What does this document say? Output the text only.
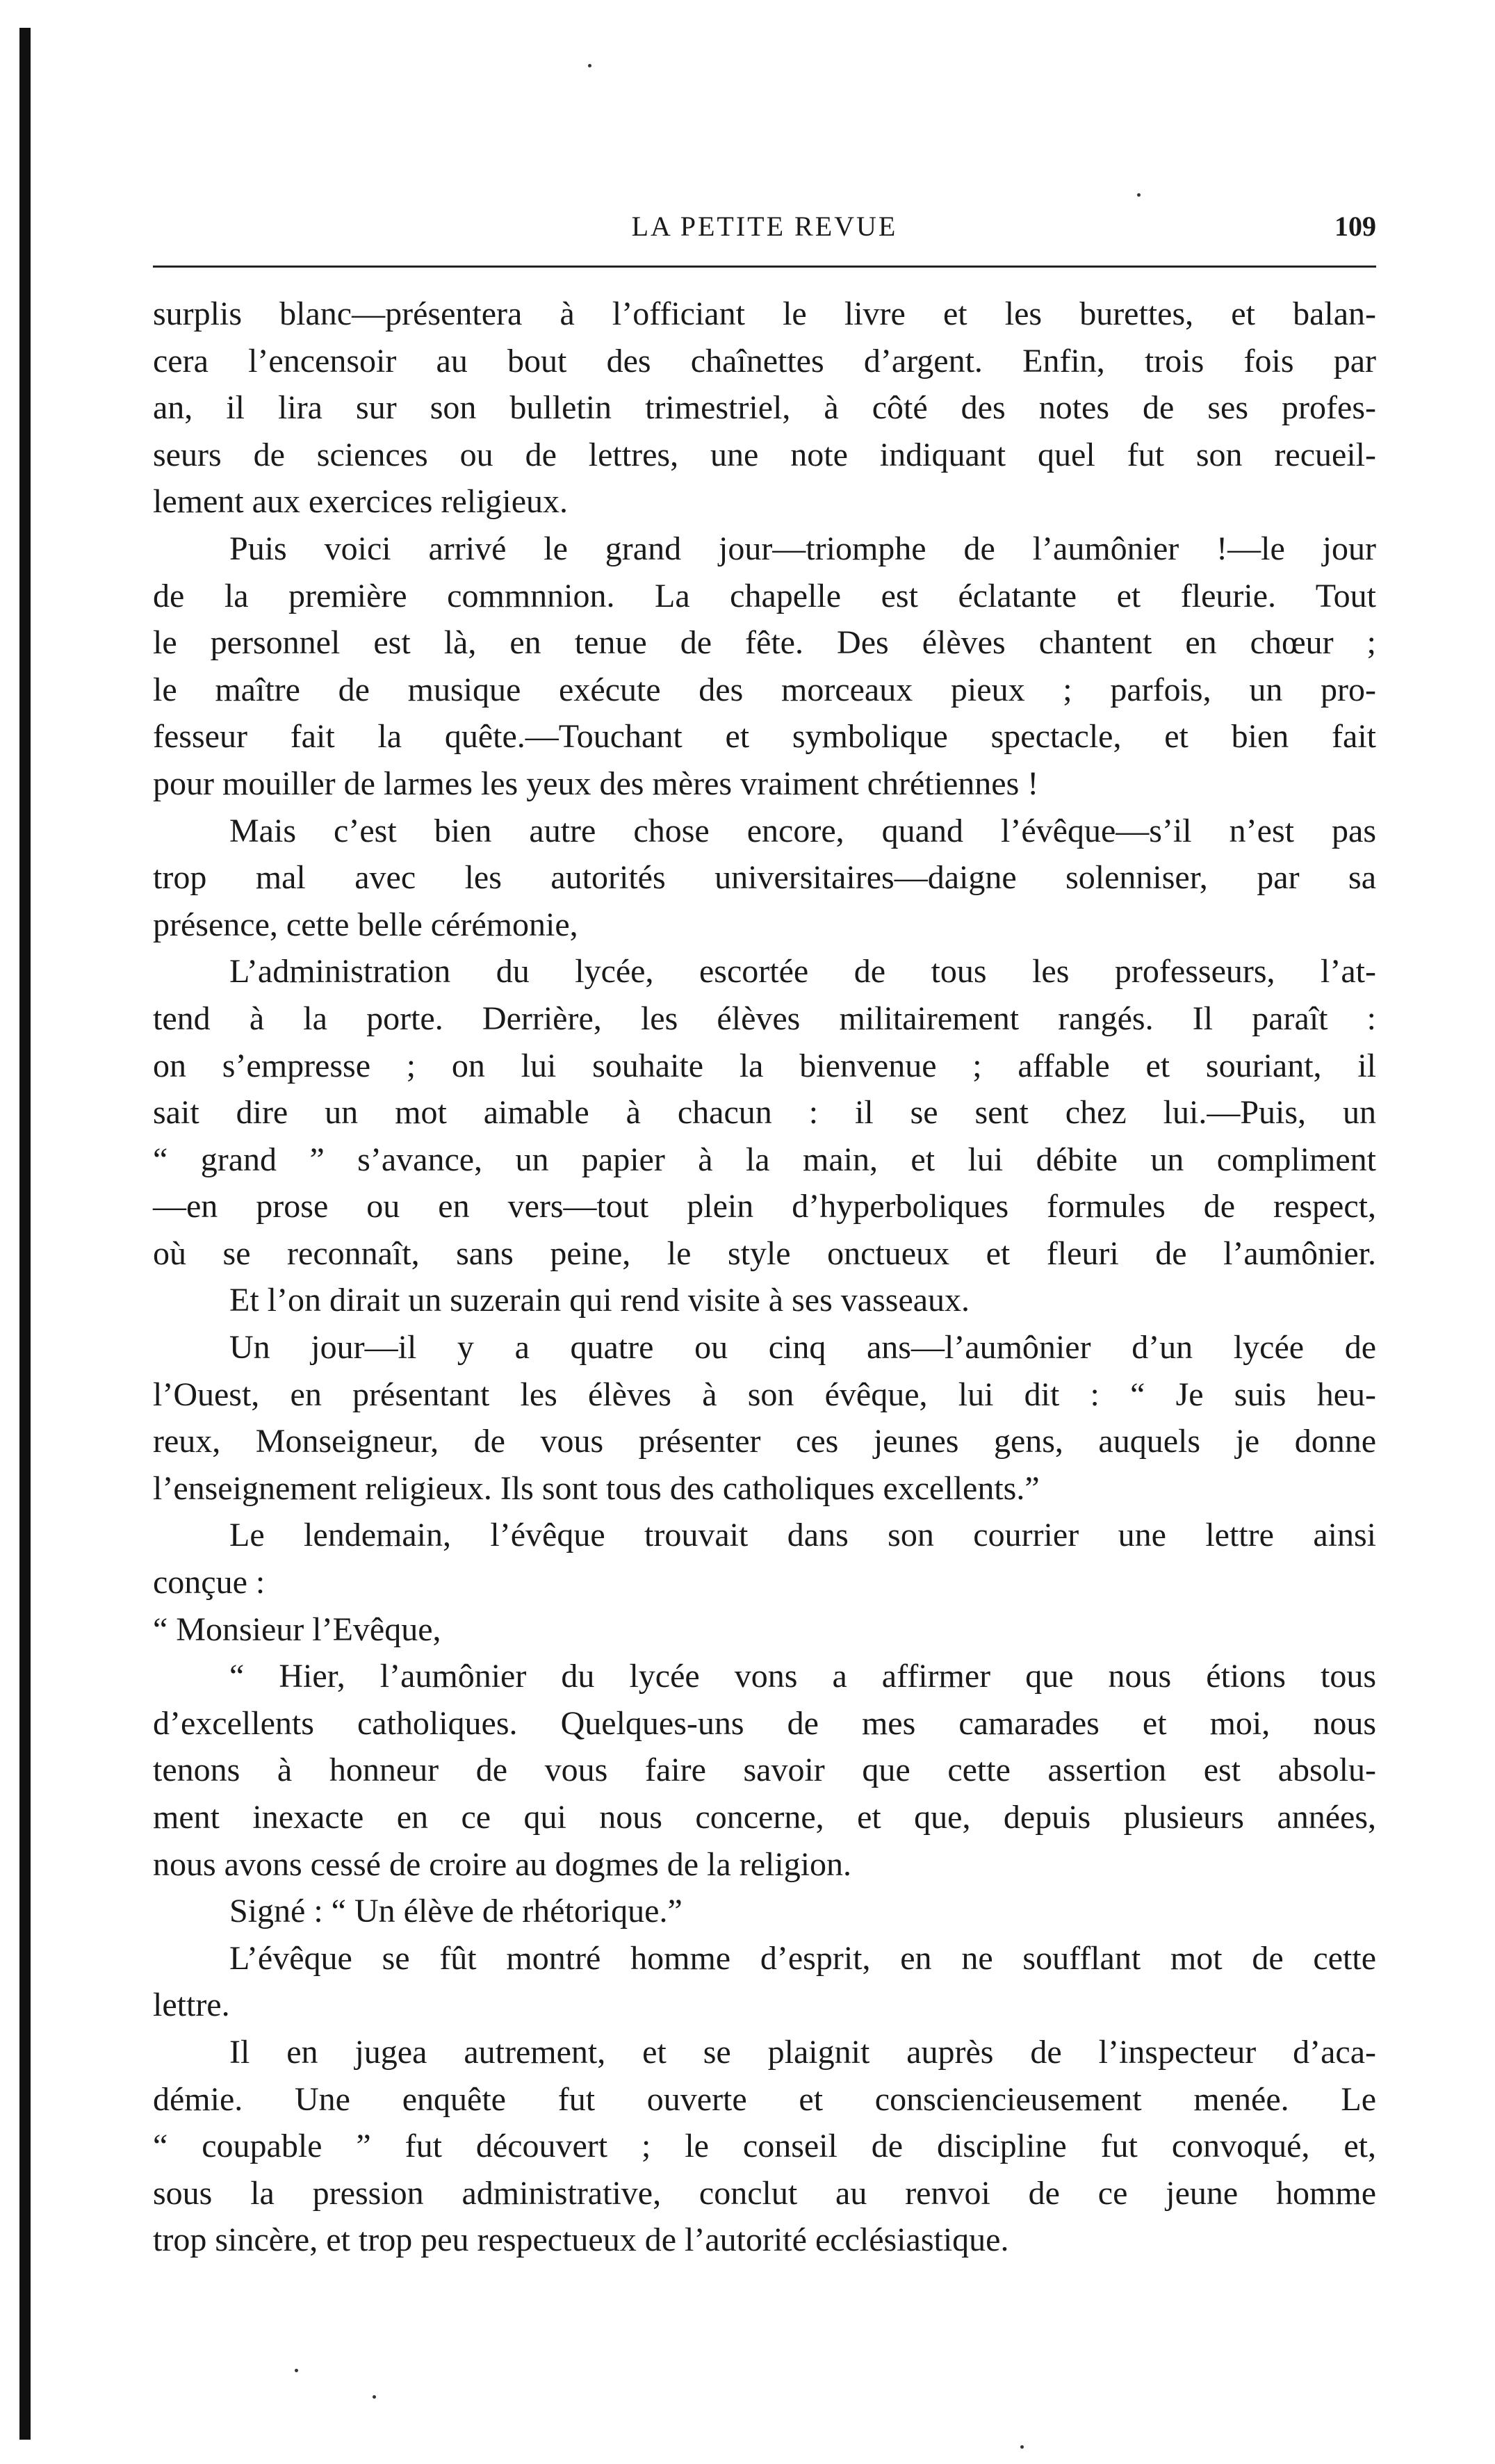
LA PETITE REVUE	109
surplis blanc—présentera à l’officiant le livre et les burettes, et balan-
cera l’encensoir au bout des chaînettes d’argent. Enfin, trois fois par
an, il lira sur son bulletin trimestriel, à côté des notes de ses profes-
seurs de sciences ou de lettres, une note indiquant quel fut son recueil-
lement aux exercices religieux.
Puis voici arrivé le grand jour—triomphe de l’aumônier !—le jour
de la première commnnion. La chapelle est éclatante et fleurie. Tout
le personnel est là, en tenue de fête. Des élèves chantent en chœur ;
le maître de musique exécute des morceaux pieux ; parfois, un pro-
fesseur fait la quête.—Touchant et symbolique spectacle, et bien fait
pour mouiller de larmes les yeux des mères vraiment chrétiennes !
Mais c’est bien autre chose encore, quand l’évêque—s’il n’est pas
trop mal avec les autorités universitaires—daigne solenniser, par sa
présence, cette belle cérémonie,
L’administration du lycée, escortée de tous les professeurs, l’at-
tend à la porte. Derrière, les élèves militairement rangés. Il paraît :
on s’empresse ; on lui souhaite la bienvenue ; affable et souriant, il
sait dire un mot aimable à chacun : il se sent chez lui.—Puis, un
“ grand ” s’avance, un papier à la main, et lui débite un compliment
—en prose ou en vers—tout plein d’hyperboliques formules de respect,
où se reconnaît, sans peine, le style onctueux et fleuri de l’aumônier.
Et l’on dirait un suzerain qui rend visite à ses vasseaux.
Un jour—il y a quatre ou cinq ans—l’aumônier d’un lycée de
l’Ouest, en présentant les élèves à son évêque, lui dit : “ Je suis heu-
reux, Monseigneur, de vous présenter ces jeunes gens, auquels je donne
l’enseignement religieux. Ils sont tous des catholiques excellents.”
Le lendemain, l’évêque trouvait dans son courrier une lettre ainsi
conçue :
“ Monsieur l’Evêque,
“ Hier, l’aumônier du lycée vons a affirmer que nous étions tous
d’excellents catholiques. Quelques-uns de mes camarades et moi, nous
tenons à honneur de vous faire savoir que cette assertion est absolu-
ment inexacte en ce qui nous concerne, et que, depuis plusieurs années,
nous avons cessé de croire au dogmes de la religion.
Signé : “ Un élève de rhétorique.”
L’évêque se fût montré homme d’esprit, en ne soufflant mot de cette
lettre.
Il en jugea autrement, et se plaignit auprès de l’inspecteur d’aca-
démie. Une enquête fut ouverte et consciencieusement menée. Le
“ coupable ” fut découvert ; le conseil de discipline fut convoqué, et,
sous la pression administrative, conclut au renvoi de ce jeune homme
trop sincère, et trop peu respectueux de l’autorité ecclésiastique.
